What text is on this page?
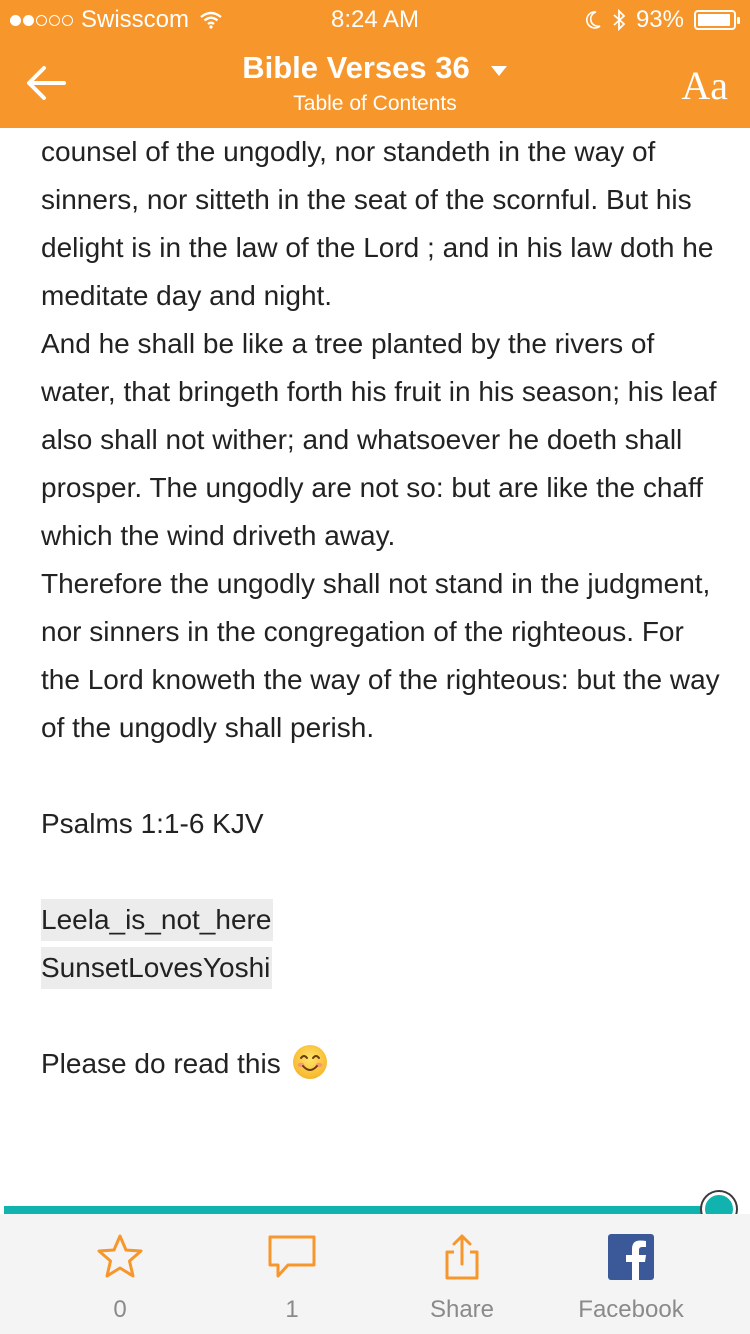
Swisscom	8:24 AM	93%
Bible Verses 36
Table of Contents	Aa

counsel of the ungodly, nor standeth in the way of sinners, nor sitteth in the seat of the scornful. But his delight is in the law of the Lord ; and in his law doth he meditate day and night.

And he shall be like a tree planted by the rivers of water, that bringeth forth his fruit in his season; his leaf also shall not wither; and whatsoever he doeth shall prosper. The ungodly are not so: but are like the chaff which the wind driveth away.

Therefore the ungodly shall not stand in the judgment, nor sinners in the congregation of the righteous. For the Lord knoweth the way of the righteous: but the way of the ungodly shall perish.

Psalms 1:1-6 KJV

Leela_is_not_here

SunsetLovesYoshi

Please do read this

0	1	Share	Facebook
